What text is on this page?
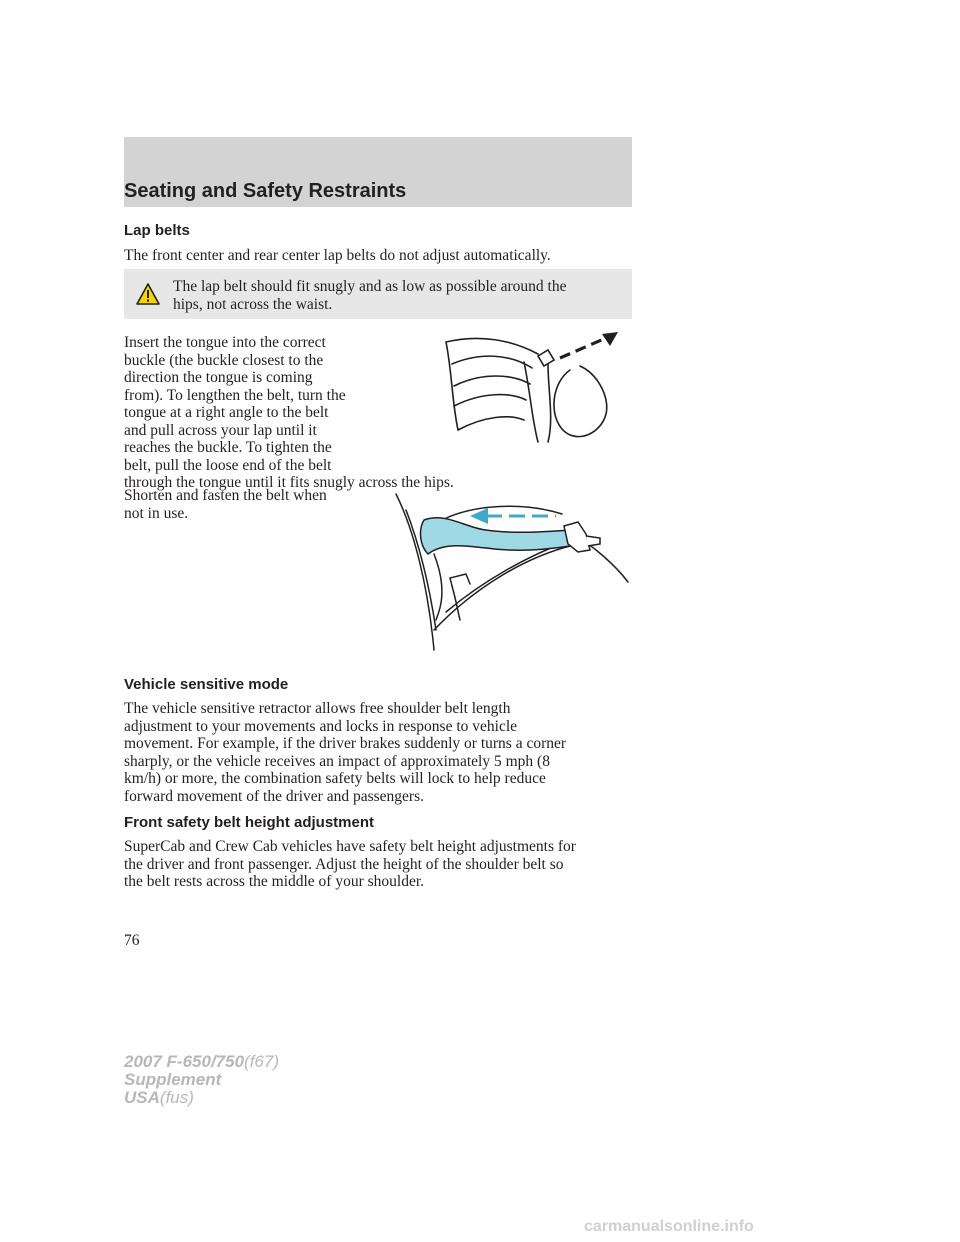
Seating and Safety Restraints
Lap belts

The front center and rear center lap belts do not adjust automatically.

The lap belt should fit snugly and as low as possible around the
hips, not across the waist.

Insert the tongue into the correct
buckle (the buckle closest to the
direction the tongue is coming
from). To lengthen the belt, turn the
tongue at a right angle to the belt
and pull across your lap until it
reaches the buckle. To tighten the
belt, pull the loose end of the belt
through the tongue until it fits snugly across the hips.

Shorten and fasten the belt when
not in use.

Vehicle sensitive mode

The vehicle sensitive retractor allows free shoulder belt length
adjustment to your movements and locks in response to vehicle
movement. For example, if the driver brakes suddenly or turns a corner
sharply, or the vehicle receives an impact of approximately 5 mph (8
km/h) or more, the combination safety belts will lock to help reduce
forward movement of the driver and passengers.

Front safety belt height adjustment

SuperCab and Crew Cab vehicles have safety belt height adjustments for
the driver and front passenger. Adjust the height of the shoulder belt so
the belt rests across the middle of your shoulder.

76

2007 F-650/750(f67)
Supplement
USA(fus)
carmanualsonline.info
